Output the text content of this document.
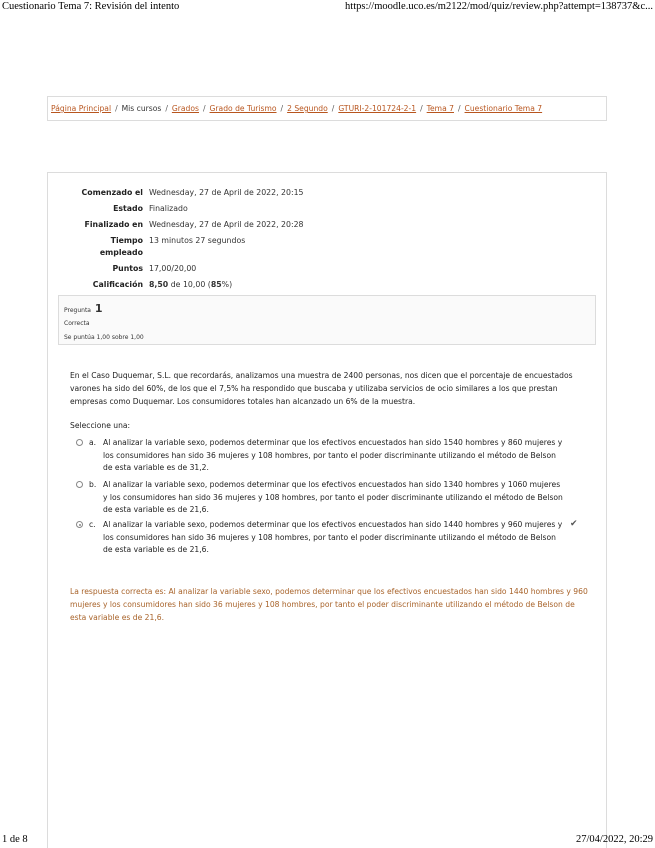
Cuestionario Tema 7: Revisión del intento	https://moodle.uco.es/m2122/mod/quiz/review.php?attempt=138737&c...
Página Principal / Mis cursos / Grados / Grado de Turismo / 2 Segundo / GTURI-2-101724-2-1 / Tema 7 / Cuestionario Tema 7
Comenzado el	Wednesday, 27 de April de 2022, 20:15
Estado	Finalizado
Finalizado en	Wednesday, 27 de April de 2022, 20:28
Tiempo
empleado	13 minutos 27 segundos
Puntos	17,00/20,00
Calificación	8,50 de 10,00 (85%)
Pregunta 1
Correcta
Se puntúa 1,00 sobre 1,00
En el Caso Duquemar, S.L. que recordarás, analizamos una muestra de 2400 personas, nos dicen que el porcentaje de encuestados varones ha sido del 60%, de los que el 7,5% ha respondido que buscaba y utilizaba servicios de ocio similares a los que prestan empresas como Duquemar. Los consumidores totales han alcanzado un 6% de la muestra.
Seleccione una:
a. Al analizar la variable sexo, podemos determinar que los efectivos encuestados han sido 1540 hombres y 860 mujeres y los consumidores han sido 36 mujeres y 108 hombres, por tanto el poder discriminante utilizando el método de Belson de esta variable es de 31,2.
b. Al analizar la variable sexo, podemos determinar que los efectivos encuestados han sido 1340 hombres y 1060 mujeres y los consumidores han sido 36 mujeres y 108 hombres, por tanto el poder discriminante utilizando el método de Belson de esta variable es de 21,6.
c. Al analizar la variable sexo, podemos determinar que los efectivos encuestados han sido 1440 hombres y 960 mujeres y los consumidores han sido 36 mujeres y 108 hombres, por tanto el poder discriminante utilizando el método de Belson de esta variable es de 21,6.
✔
La respuesta correcta es: Al analizar la variable sexo, podemos determinar que los efectivos encuestados han sido 1440 hombres y 960 mujeres y los consumidores han sido 36 mujeres y 108 hombres, por tanto el poder discriminante utilizando el método de Belson de esta variable es de 21,6.
1 de 8	27/04/2022, 20:29
